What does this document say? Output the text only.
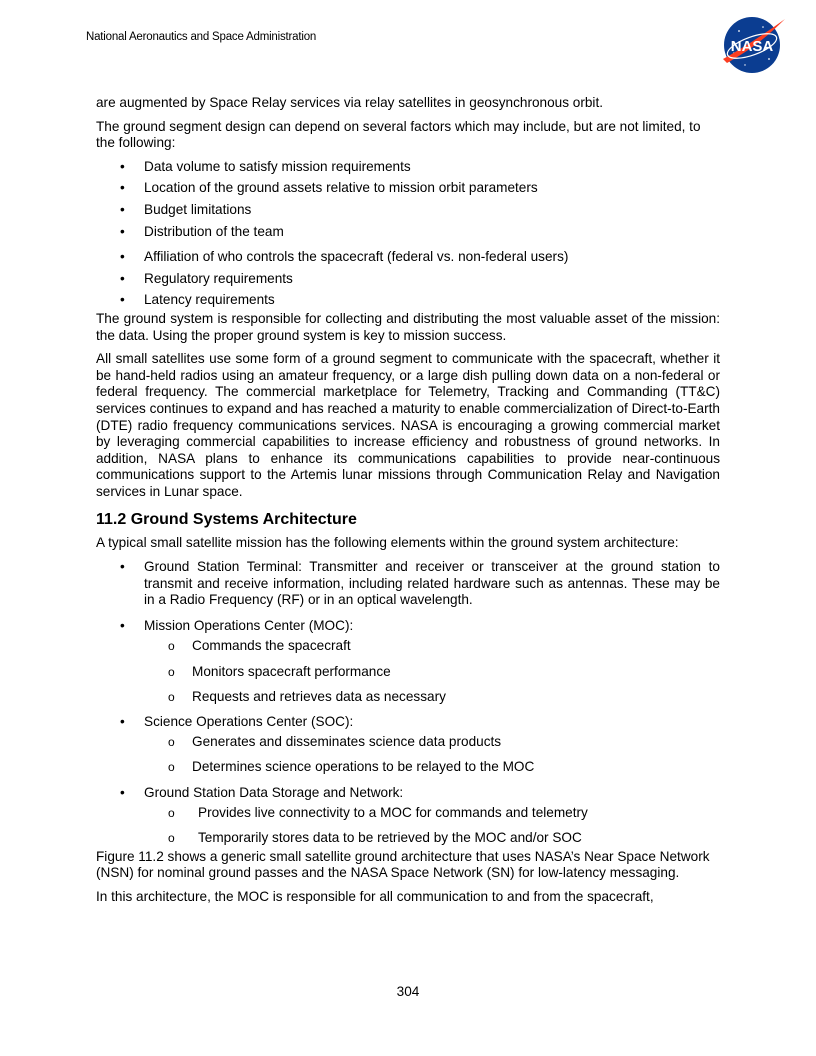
National Aeronautics and Space Administration
NASA

are augmented by Space Relay services via relay satellites in geosynchronous orbit.

The ground segment design can depend on several factors which may include, but are not limited, to the following:

• Data volume to satisfy mission requirements
• Location of the ground assets relative to mission orbit parameters
• Budget limitations
• Distribution of the team
• Affiliation of who controls the spacecraft (federal vs. non-federal users)
• Regulatory requirements
• Latency requirements

The ground system is responsible for collecting and distributing the most valuable asset of the mission: the data. Using the proper ground system is key to mission success.

All small satellites use some form of a ground segment to communicate with the spacecraft, whether it be hand-held radios using an amateur frequency, or a large dish pulling down data on a non-federal or federal frequency. The commercial marketplace for Telemetry, Tracking and Commanding (TT&C) services continues to expand and has reached a maturity to enable commercialization of Direct-to-Earth (DTE) radio frequency communications services. NASA is encouraging a growing commercial market by leveraging commercial capabilities to increase efficiency and robustness of ground networks. In addition, NASA plans to enhance its communications capabilities to provide near-continuous communications support to the Artemis lunar missions through Communication Relay and Navigation services in Lunar space.

11.2 Ground Systems Architecture

A typical small satellite mission has the following elements within the ground system architecture:

• Ground Station Terminal: Transmitter and receiver or transceiver at the ground station to transmit and receive information, including related hardware such as antennas. These may be in a Radio Frequency (RF) or in an optical wavelength.
• Mission Operations Center (MOC):
o Commands the spacecraft
o Monitors spacecraft performance
o Requests and retrieves data as necessary
• Science Operations Center (SOC):
o Generates and disseminates science data products
o Determines science operations to be relayed to the MOC
• Ground Station Data Storage and Network:
o Provides live connectivity to a MOC for commands and telemetry
o Temporarily stores data to be retrieved by the MOC and/or SOC

Figure 11.2 shows a generic small satellite ground architecture that uses NASA’s Near Space Network (NSN) for nominal ground passes and the NASA Space Network (SN) for low-latency messaging.

In this architecture, the MOC is responsible for all communication to and from the spacecraft,

304
